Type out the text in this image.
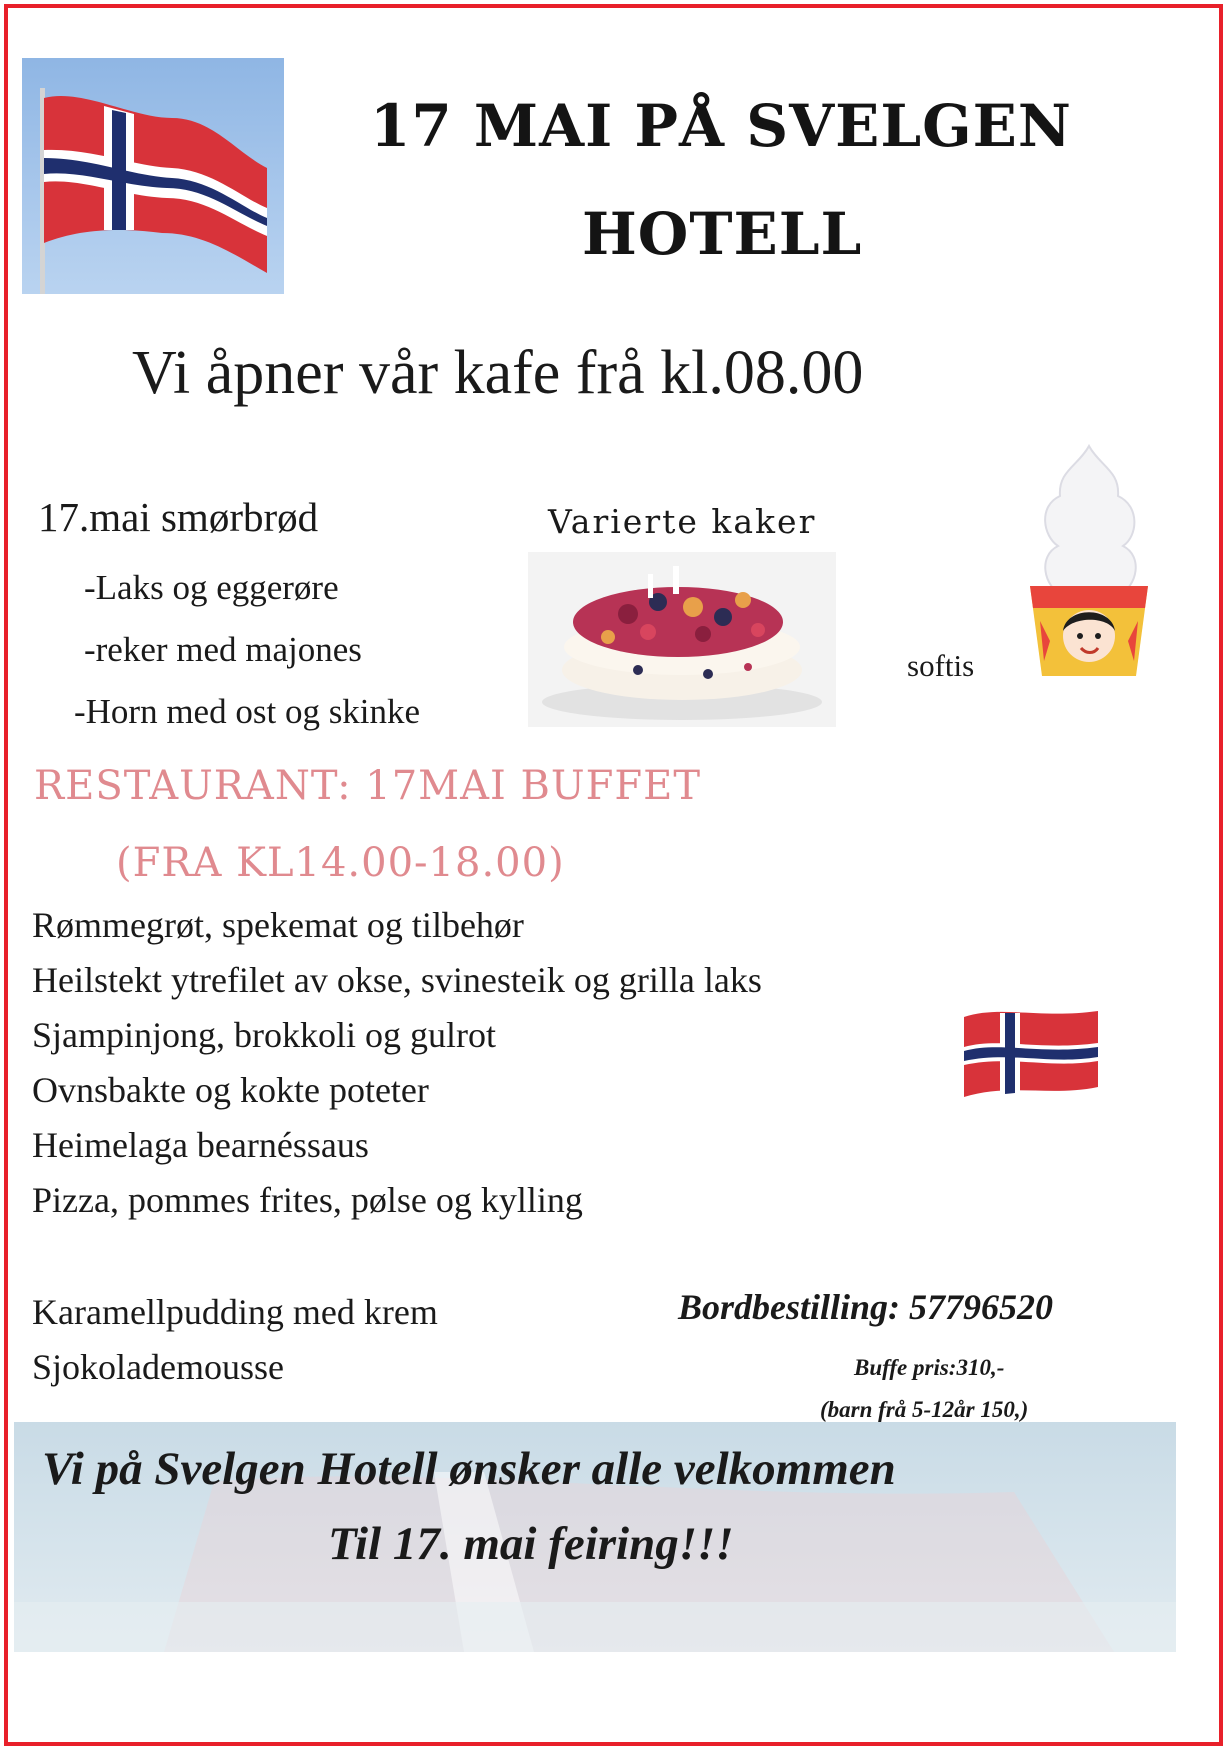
17 MAI PÅ SVELGEN
HOTELL
Vi åpner vår kafe frå kl.08.00
17.mai smørbrød
-Laks og eggerøre
-reker med majones
-Horn med ost og skinke
Varierte kaker
softis
RESTAURANT: 17MAI BUFFET
(FRA KL14.00-18.00)
Rømmegrøt, spekemat og tilbehør
Heilstekt ytrefilet av okse, svinesteik og grilla laks
Sjampinjong, brokkoli og gulrot
Ovnsbakte og kokte poteter
Heimelaga bearnéssaus
Pizza, pommes frites, pølse og kylling
Karamellpudding med krem
Sjokolademousse
Bordbestilling: 57796520
Buffe pris:310,-
(barn frå 5-12år 150,)
Vi på Svelgen Hotell ønsker alle velkommen
Til 17. mai feiring!!!
